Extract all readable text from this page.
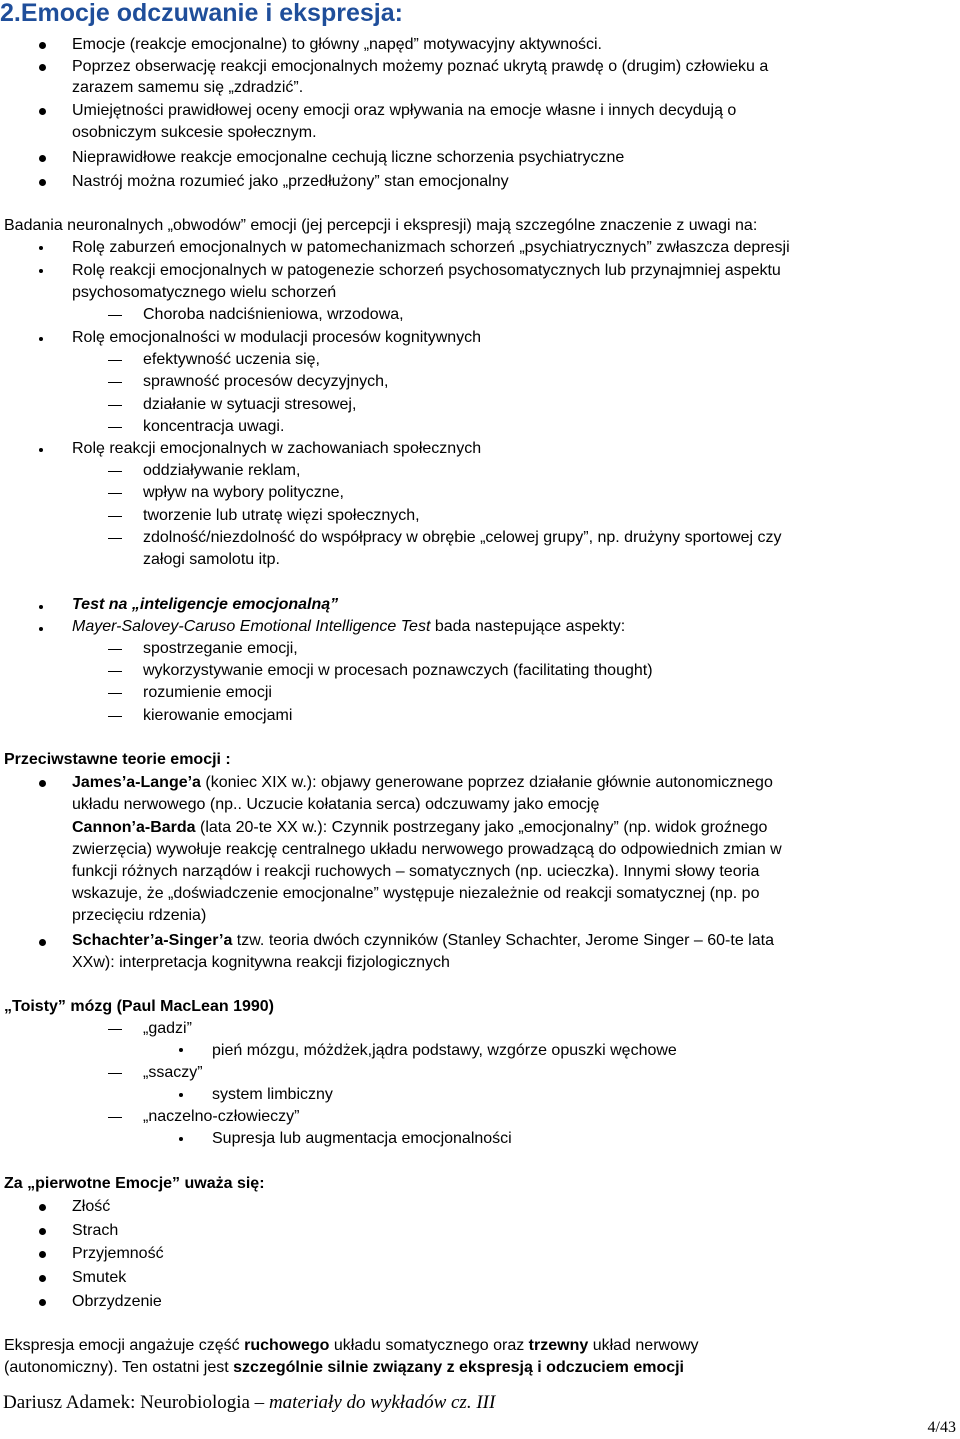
2.Emocje odczuwanie i ekspresja:
Emocje (reakcje emocjonalne) to główny „napęd” motywacyjny aktywności.
Poprzez obserwację reakcji emocjonalnych możemy poznać ukrytą prawdę o (drugim) człowieku a
zarazem samemu się „zdradzić”.
Umiejętności prawidłowej oceny emocji oraz wpływania na emocje własne i innych decydują o
osobniczym sukcesie społecznym.
Nieprawidłowe reakcje emocjonalne cechują liczne schorzenia psychiatryczne
Nastrój można rozumieć jako „przedłużony” stan emocjonalny
Badania neuronalnych „obwodów” emocji (jej percepcji i ekspresji) mają szczególne znaczenie z uwagi na:
Rolę zaburzeń emocjonalnych w patomechanizmach schorzeń „psychiatrycznych” zwłaszcza depresji
Rolę reakcji emocjonalnych w patogenezie schorzeń psychosomatycznych lub przynajmniej aspektu
psychosomatycznego wielu schorzeń
Choroba nadciśnieniowa, wrzodowa,
Rolę emocjonalności w modulacji procesów kognitywnych
efektywność uczenia się,
sprawność procesów decyzyjnych,
działanie w sytuacji stresowej,
koncentracja uwagi.
Rolę reakcji emocjonalnych w zachowaniach społecznych
oddziaływanie reklam,
wpływ na wybory polityczne,
tworzenie lub utratę więzi społecznych,
zdolność/niezdolność do współpracy w obrębie „celowej grupy”, np. drużyny sportowej czy
załogi samolotu itp.
Test na „inteligencje emocjonalną”
Mayer-Salovey-Caruso Emotional Intelligence Test bada nastepujące aspekty:
spostrzeganie emocji,
wykorzystywanie emocji w procesach poznawczych (facilitating thought)
rozumienie emocji
kierowanie emocjami
Przeciwstawne teorie emocji :
James’a-Lange’a (koniec XIX w.): objawy generowane poprzez działanie głównie autonomicznego
układu nerwowego (np.. Uczucie kołatania serca) odczuwamy jako emocję
Cannon’a-Barda (lata 20-te XX w.): Czynnik postrzegany jako „emocjonalny” (np. widok groźnego
zwierzęcia) wywołuje reakcję centralnego układu nerwowego prowadzącą do odpowiednich zmian w
funkcji różnych narządów i reakcji ruchowych – somatycznych (np. ucieczka). Innymi słowy teoria
wskazuje, że „doświadczenie emocjonalne” występuje niezależnie od reakcji somatycznej (np. po
przecięciu rdzenia)
Schachter’a-Singer’a tzw. teoria dwóch czynników (Stanley Schachter, Jerome Singer – 60-te lata
XXw): interpretacja kognitywna reakcji fizjologicznych
„Toisty” mózg (Paul MacLean 1990)
„gadzi”
pień mózgu, móżdżek,jądra podstawy, wzgórze opuszki węchowe
„ssaczy”
system limbiczny
„naczelno-człowieczy”
Supresja lub augmentacja emocjonalności
Za „pierwotne Emocje” uważa się:
Złość
Strach
Przyjemność
Smutek
Obrzydzenie
Ekspresja emocji angażuje część ruchowego układu somatycznego oraz trzewny układ nerwowy
(autonomiczny). Ten ostatni jest szczególnie silnie związany z ekspresją i odczuciem emocji
Dariusz Adamek: Neurobiologia – materiały do wykładów cz. III
4/43
